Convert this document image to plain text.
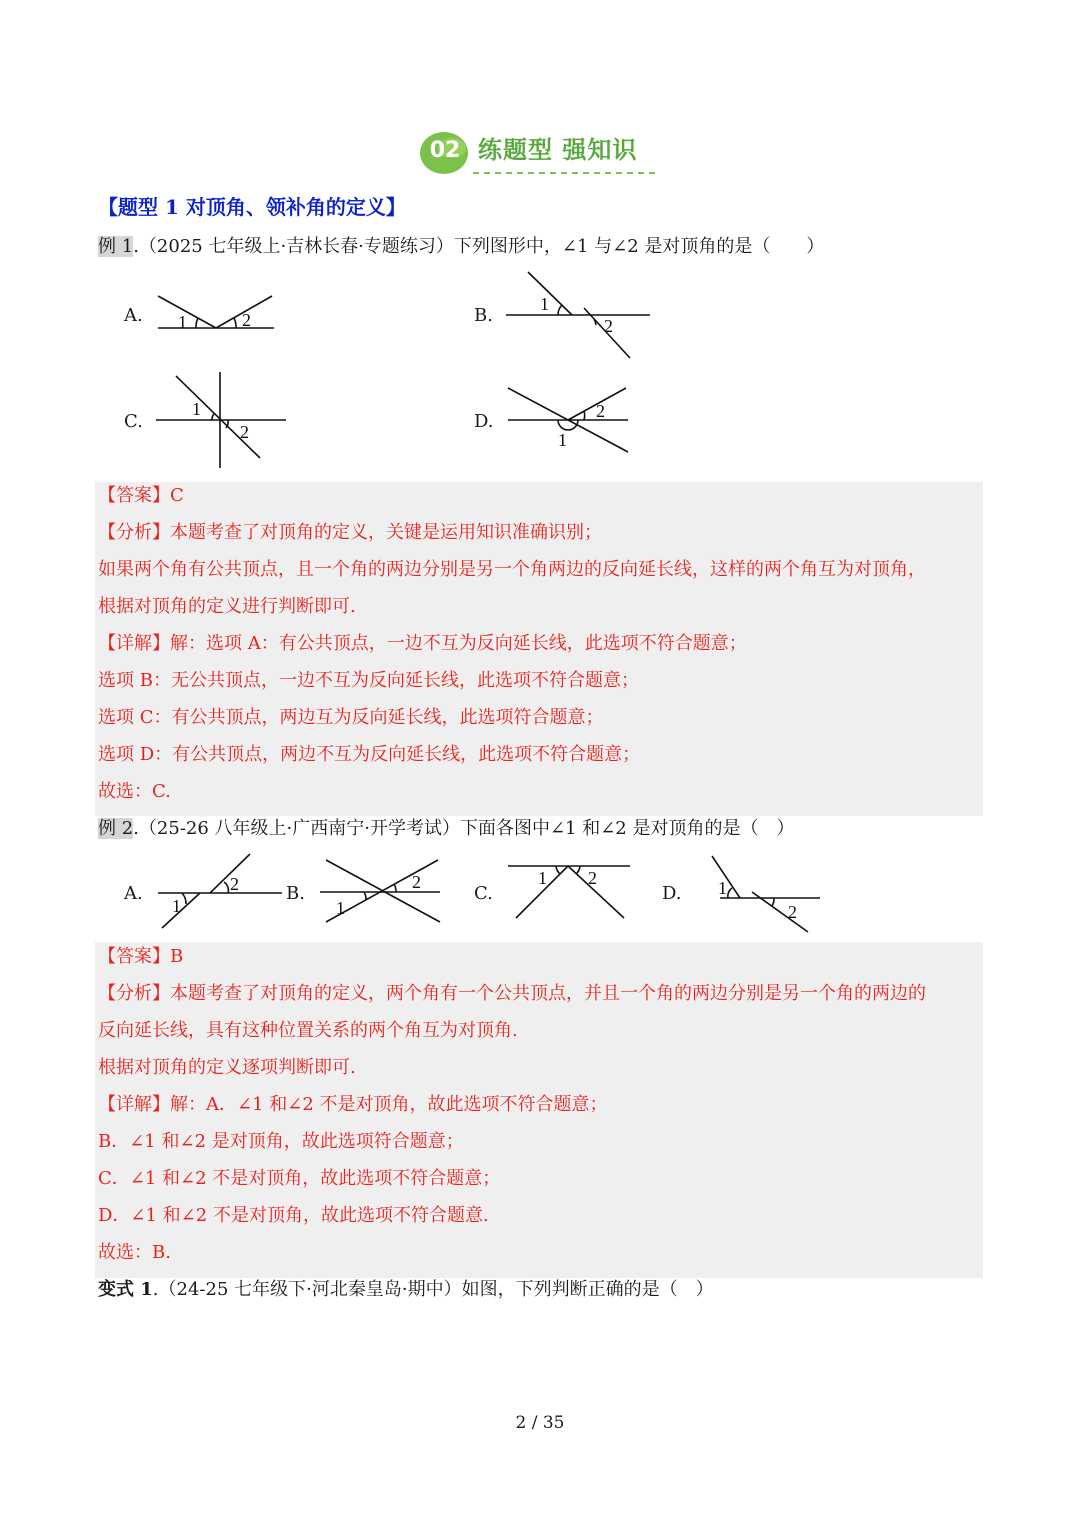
02 练题型 强知识
【题型 1 对顶角、领补角的定义】
例 1.（2025 七年级上·吉林长春·专题练习）下列图形中，∠1 与∠2 是对顶角的是（　　）
A.	B.
C.	D.
1	2
1
2
1
2	1
2
【答案】C
【分析】本题考查了对顶角的定义，关键是运用知识准确识别；
如果两个角有公共顶点，且一个角的两边分别是另一个角两边的反向延长线，这样的两个角互为对顶角，
根据对顶角的定义进行判断即可.
【详解】解：选项 A：有公共顶点，一边不互为反向延长线，此选项不符合题意；
选项 B：无公共顶点，一边不互为反向延长线，此选项不符合题意；
选项 C：有公共顶点，两边互为反向延长线，此选项符合题意；
选项 D：有公共顶点，两边不互为反向延长线，此选项不符合题意；
故选：C.
例 2.（25-26 八年级上·广西南宁·开学考试）下面各图中∠1 和∠2 是对顶角的是（　）
A.	B.	C.	D.
2
1	1
2	1 2	1
2
【答案】B
【分析】本题考查了对顶角的定义，两个角有一个公共顶点，并且一个角的两边分别是另一个角的两边的
反向延长线，具有这种位置关系的两个角互为对顶角.
根据对顶角的定义逐项判断即可.
【详解】解：A．∠1 和∠2 不是对顶角，故此选项不符合题意；
B．∠1 和∠2 是对顶角，故此选项符合题意；
C．∠1 和∠2 不是对顶角，故此选项不符合题意；
D．∠1 和∠2 不是对顶角，故此选项不符合题意.
故选：B.
变式 1.（24-25 七年级下·河北秦皇岛·期中）如图，下列判断正确的是（　）
2 / 35
